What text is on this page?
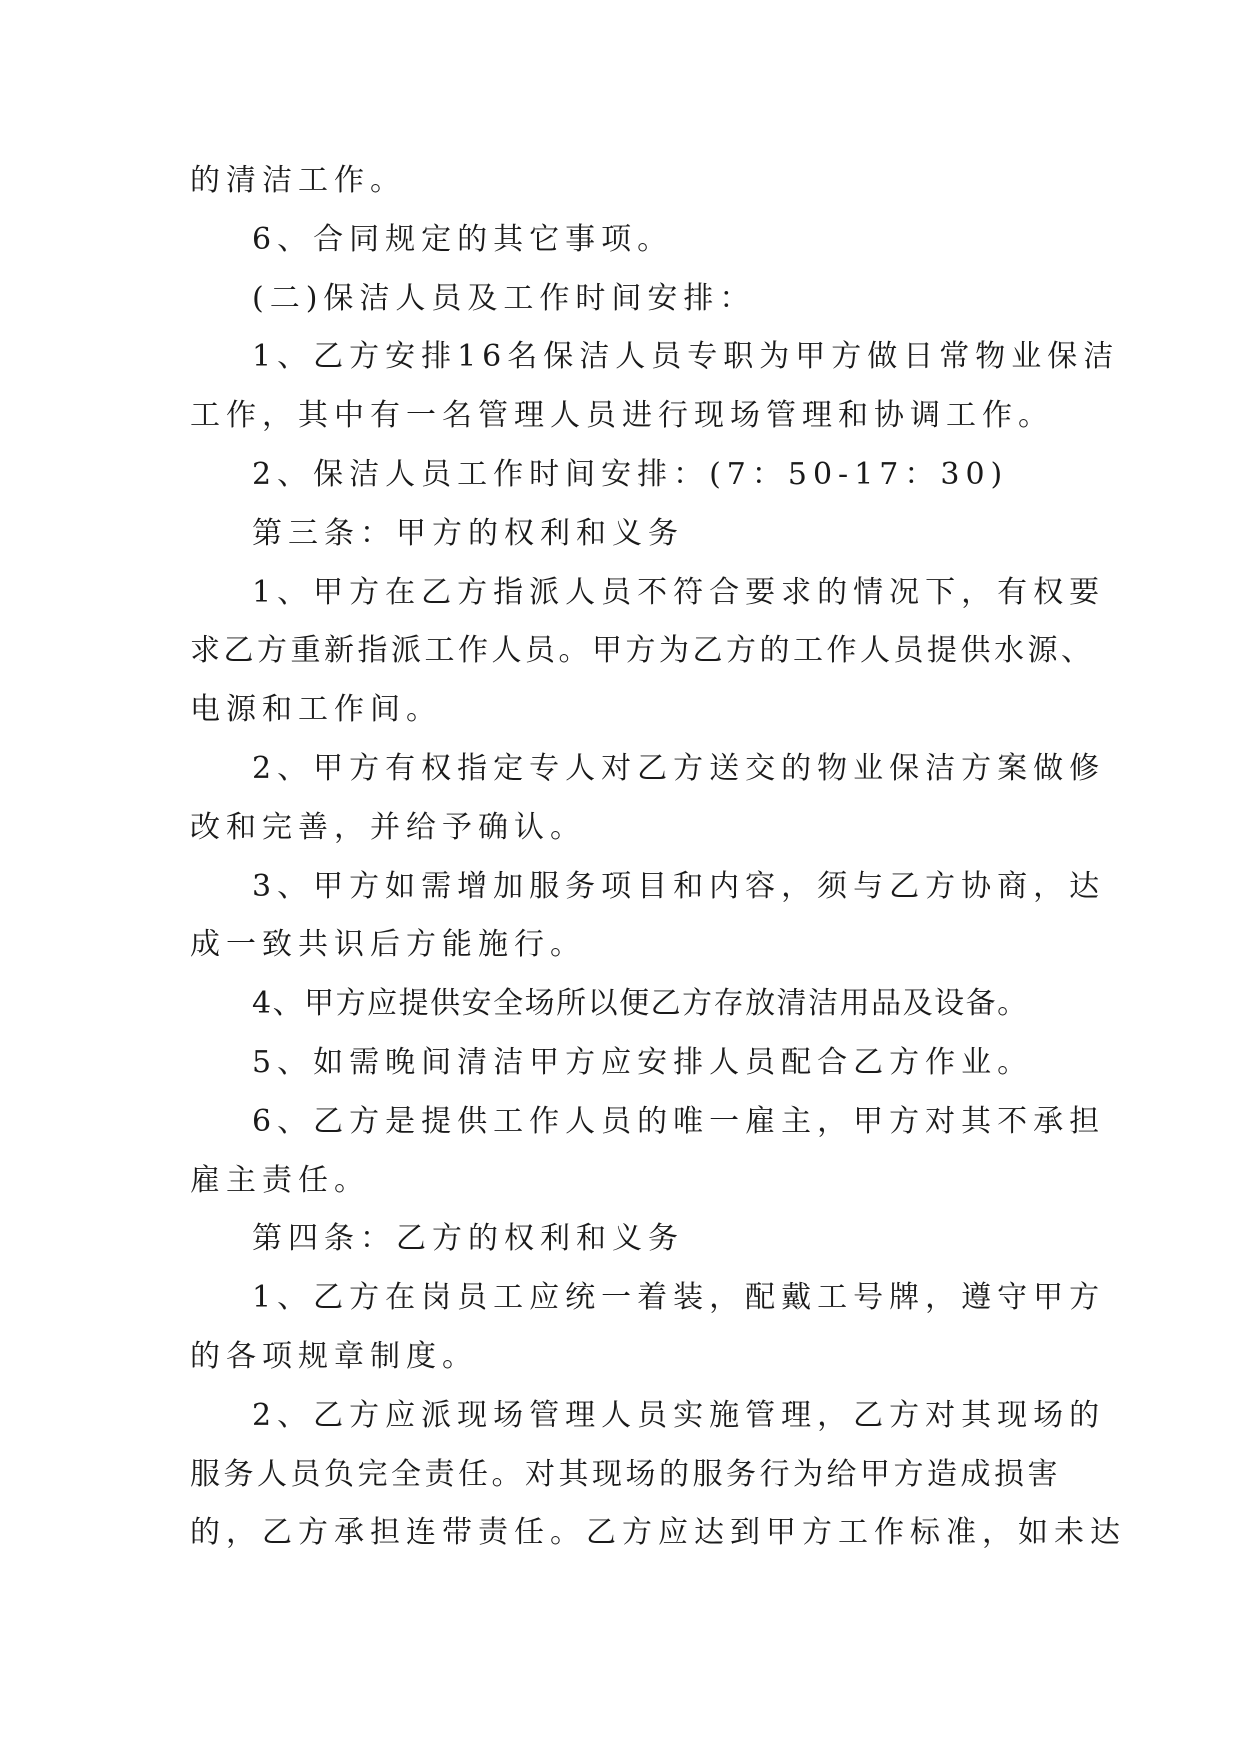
的清洁工作。

6、合同规定的其它事项。

(二)保洁人员及工作时间安排：

1、乙方安排16名保洁人员专职为甲方做日常物业保洁

工作，其中有一名管理人员进行现场管理和协调工作。

2、保洁人员工作时间安排：(7：50-17：30)

第三条：甲方的权利和义务

1、甲方在乙方指派人员不符合要求的情况下，有权要

求乙方重新指派工作人员。甲方为乙方的工作人员提供水源、

电源和工作间。

2、甲方有权指定专人对乙方送交的物业保洁方案做修

改和完善，并给予确认。

3、甲方如需增加服务项目和内容，须与乙方协商，达

成一致共识后方能施行。

4、甲方应提供安全场所以便乙方存放清洁用品及设备。

5、如需晚间清洁甲方应安排人员配合乙方作业。

6、乙方是提供工作人员的唯一雇主，甲方对其不承担

雇主责任。

第四条：乙方的权利和义务

1、乙方在岗员工应统一着装，配戴工号牌，遵守甲方

的各项规章制度。

2、乙方应派现场管理人员实施管理，乙方对其现场的

服务人员负完全责任。对其现场的服务行为给甲方造成损害

的，乙方承担连带责任。乙方应达到甲方工作标准，如未达
